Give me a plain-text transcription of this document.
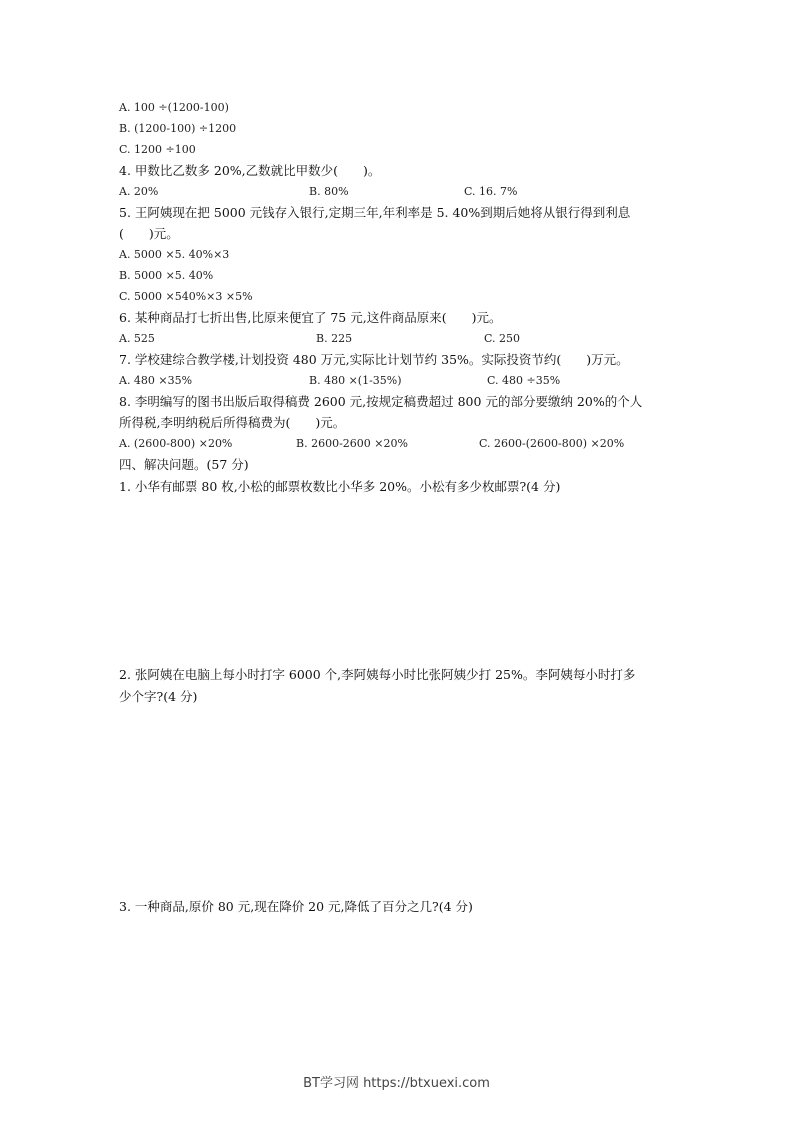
A. 100 ÷(1200-100)
B. (1200-100) ÷1200
C. 1200 ÷100
4. 甲数比乙数多 20%,乙数就比甲数少(　　)。
A. 20%	B. 80%	C. 16. 7%
5. 王阿姨现在把 5000 元钱存入银行,定期三年,年利率是 5. 40%到期后她将从银行得到利息
(　　)元。
A. 5000 ×5. 40%×3
B. 5000 ×5. 40%
C. 5000 ×540%×3 ×5%
6. 某种商品打七折出售,比原来便宜了 75 元,这件商品原来(　　)元。
A. 525	B. 225	C. 250
7. 学校建综合教学楼,计划投资 480 万元,实际比计划节约 35%。实际投资节约(　　)万元。
A. 480 ×35%	B. 480 ×(1-35%)	C. 480 ÷35%
8. 李明编写的图书出版后取得稿费 2600 元,按规定稿费超过 800 元的部分要缴纳 20%的个人
所得税,李明纳税后所得稿费为(　　)元。
A. (2600-800) ×20%	B. 2600-2600 ×20%	C. 2600-(2600-800) ×20%
四、解决问题。(57 分)
1. 小华有邮票 80 枚,小松的邮票枚数比小华多 20%。小松有多少枚邮票?(4 分)
2. 张阿姨在电脑上每小时打字 6000 个,李阿姨每小时比张阿姨少打 25%。李阿姨每小时打多
少个字?(4 分)
3. 一种商品,原价 80 元,现在降价 20 元,降低了百分之几?(4 分)
BT学习网 https://btxuexi.com
